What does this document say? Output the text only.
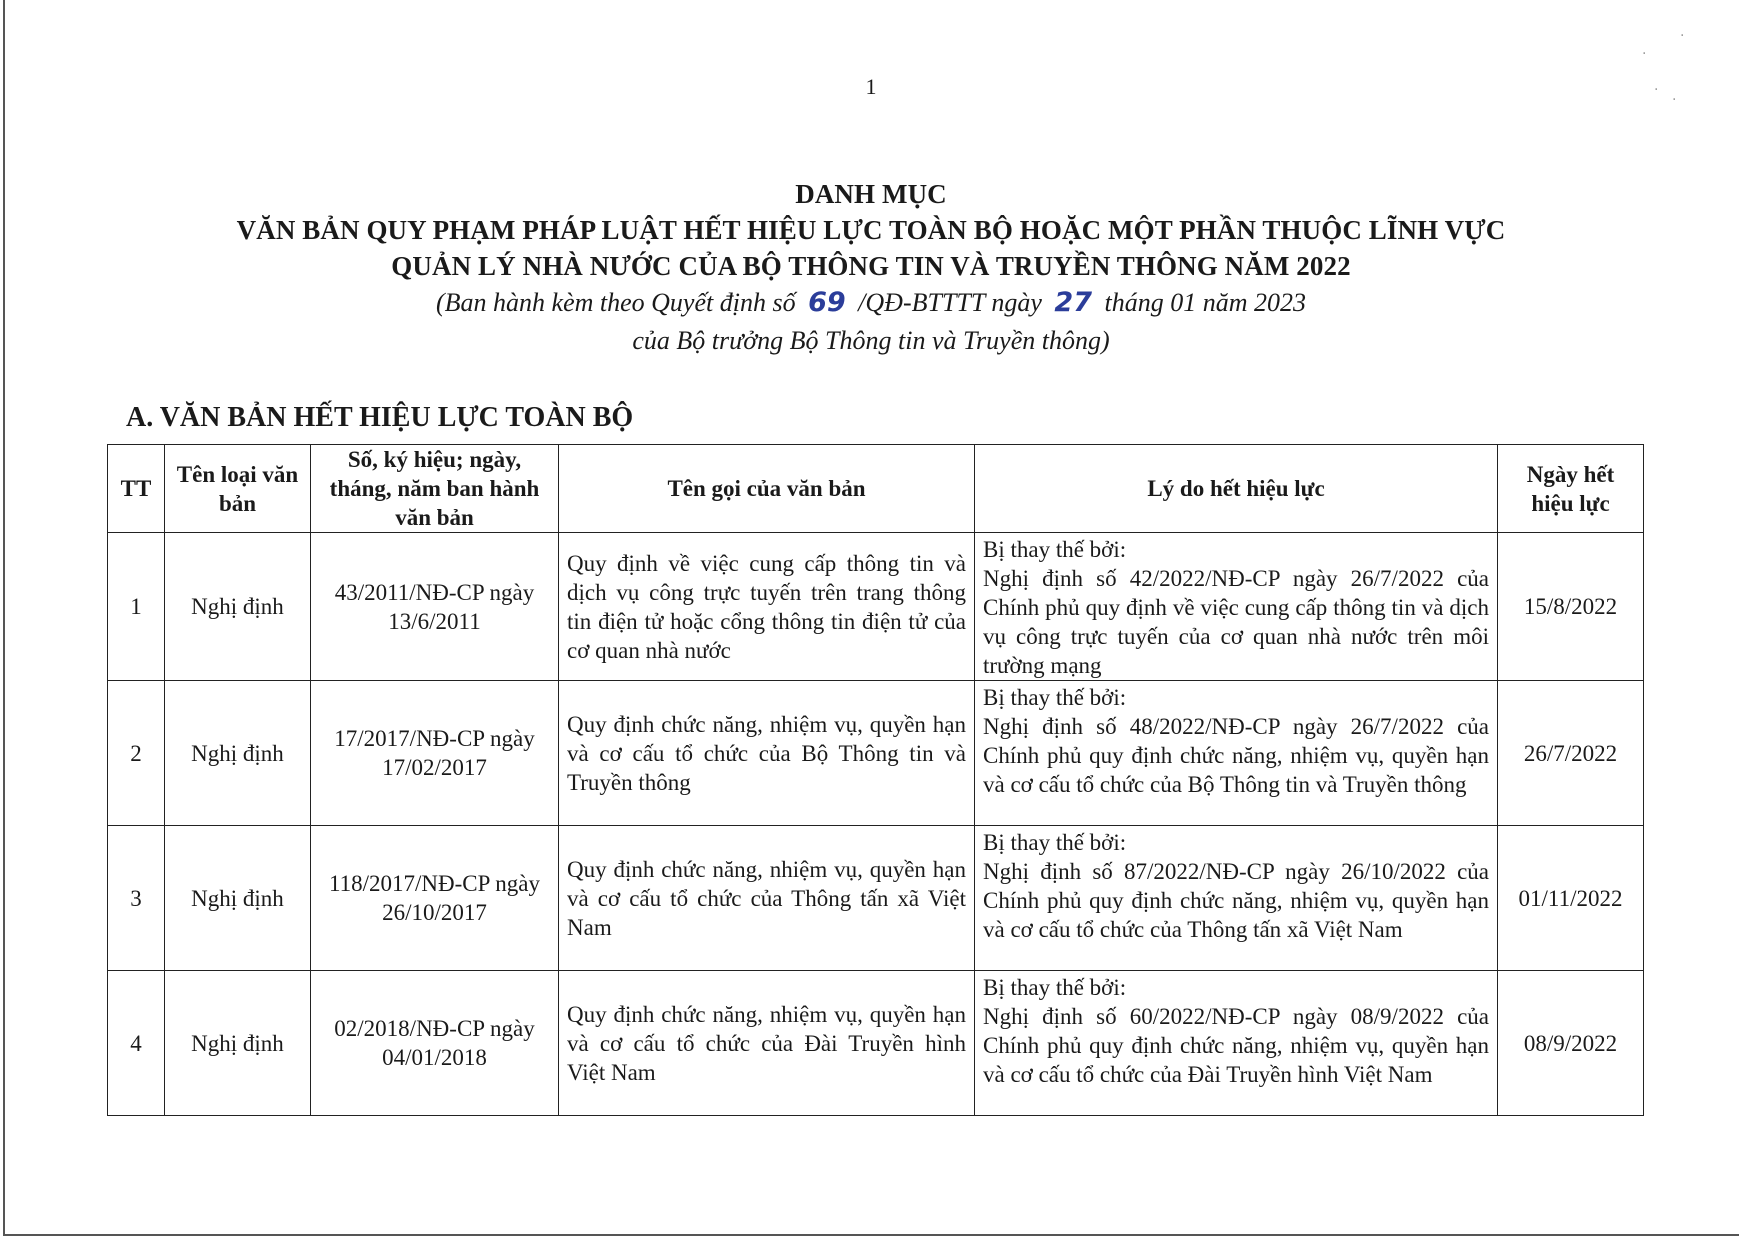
1
DANH MỤC
VĂN BẢN QUY PHẠM PHÁP LUẬT HẾT HIỆU LỰC TOÀN BỘ HOẶC MỘT PHẦN THUỘC LĨNH VỰC
QUẢN LÝ NHÀ NƯỚC CỦA BỘ THÔNG TIN VÀ TRUYỀN THÔNG NĂM 2022
(Ban hành kèm theo Quyết định số 69 /QĐ-BTTTT ngày 27 tháng 01 năm 2023
của Bộ trưởng Bộ Thông tin và Truyền thông)
A. VĂN BẢN HẾT HIỆU LỰC TOÀN BỘ
TT	Tên loại văn bản	Số, ký hiệu; ngày, tháng, năm ban hành văn bản	Tên gọi của văn bản	Lý do hết hiệu lực	Ngày hết hiệu lực
1	Nghị định	43/2011/NĐ-CP ngày 13/6/2011	Quy định về việc cung cấp thông tin và dịch vụ công trực tuyến trên trang thông tin điện tử hoặc cổng thông tin điện tử của cơ quan nhà nước	Bị thay thế bởi:
Nghị định số 42/2022/NĐ-CP ngày 26/7/2022 của Chính phủ quy định về việc cung cấp thông tin và dịch vụ công trực tuyến của cơ quan nhà nước trên môi trường mạng	15/8/2022
2	Nghị định	17/2017/NĐ-CP ngày 17/02/2017	Quy định chức năng, nhiệm vụ, quyền hạn và cơ cấu tổ chức của Bộ Thông tin và Truyền thông	Bị thay thế bởi:
Nghị định số 48/2022/NĐ-CP ngày 26/7/2022 của Chính phủ quy định chức năng, nhiệm vụ, quyền hạn và cơ cấu tổ chức của Bộ Thông tin và Truyền thông	26/7/2022
3	Nghị định	118/2017/NĐ-CP ngày 26/10/2017	Quy định chức năng, nhiệm vụ, quyền hạn và cơ cấu tổ chức của Thông tấn xã Việt Nam	Bị thay thế bởi:
Nghị định số 87/2022/NĐ-CP ngày 26/10/2022 của Chính phủ quy định chức năng, nhiệm vụ, quyền hạn và cơ cấu tổ chức của Thông tấn xã Việt Nam	01/11/2022
4	Nghị định	02/2018/NĐ-CP ngày 04/01/2018	Quy định chức năng, nhiệm vụ, quyền hạn và cơ cấu tổ chức của Đài Truyền hình Việt Nam	Bị thay thế bởi:
Nghị định số 60/2022/NĐ-CP ngày 08/9/2022 của Chính phủ quy định chức năng, nhiệm vụ, quyền hạn và cơ cấu tổ chức của Đài Truyền hình Việt Nam	08/9/2022
·
·
·
·
